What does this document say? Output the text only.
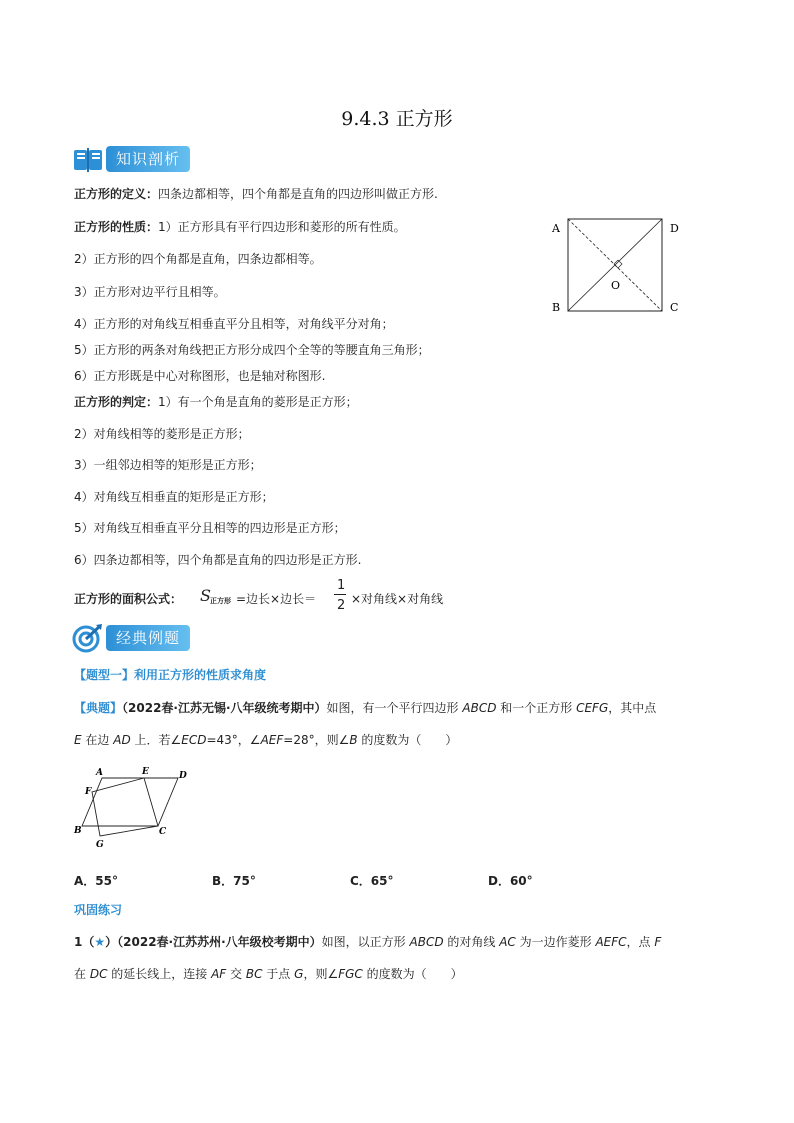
9.4.3 正方形
知识剖析
正方形的定义：四条边都相等，四个角都是直角的四边形叫做正方形.
正方形的性质：1）正方形具有平行四边形和菱形的所有性质。
2）正方形的四个角都是直角，四条边都相等。
3）正方形对边平行且相等。
4）正方形的对角线互相垂直平分且相等，对角线平分对角；
5）正方形的两条对角线把正方形分成四个全等的等腰直角三角形；
6）正方形既是中心对称图形，也是轴对称图形.
正方形的判定：1）有一个角是直角的菱形是正方形；
2）对角线相等的菱形是正方形；
3）一组邻边相等的矩形是正方形；
4）对角线互相垂直的矩形是正方形；
5）对角线互相垂直平分且相等的四边形是正方形；
6）四条边都相等，四个角都是直角的四边形是正方形.
正方形的面积公式： S 正方形 =边长×边长＝
1
2 ×对角线×对角线
A	D
B	C
O
经典例题
【题型一】利用正方形的性质求角度
【典题】（2022春·江苏无锡·八年级统考期中）如图，有一个平行四边形 ABCD 和一个正方形 CEFG，其中点
E 在边 AD 上．若∠ECD=43°，∠AEF=28°，则∠B 的度数为（　　）
A	E	D
F
B	C
G
A．55°	B．75°	C．65°	D．60°
巩固练习
1（★）（2022春·江苏苏州·八年级校考期中）如图，以正方形 ABCD 的对角线 AC 为一边作菱形 AEFC，点 F
在 DC 的延长线上，连接 AF 交 BC 于点 G，则∠FGC 的度数为（　　）
